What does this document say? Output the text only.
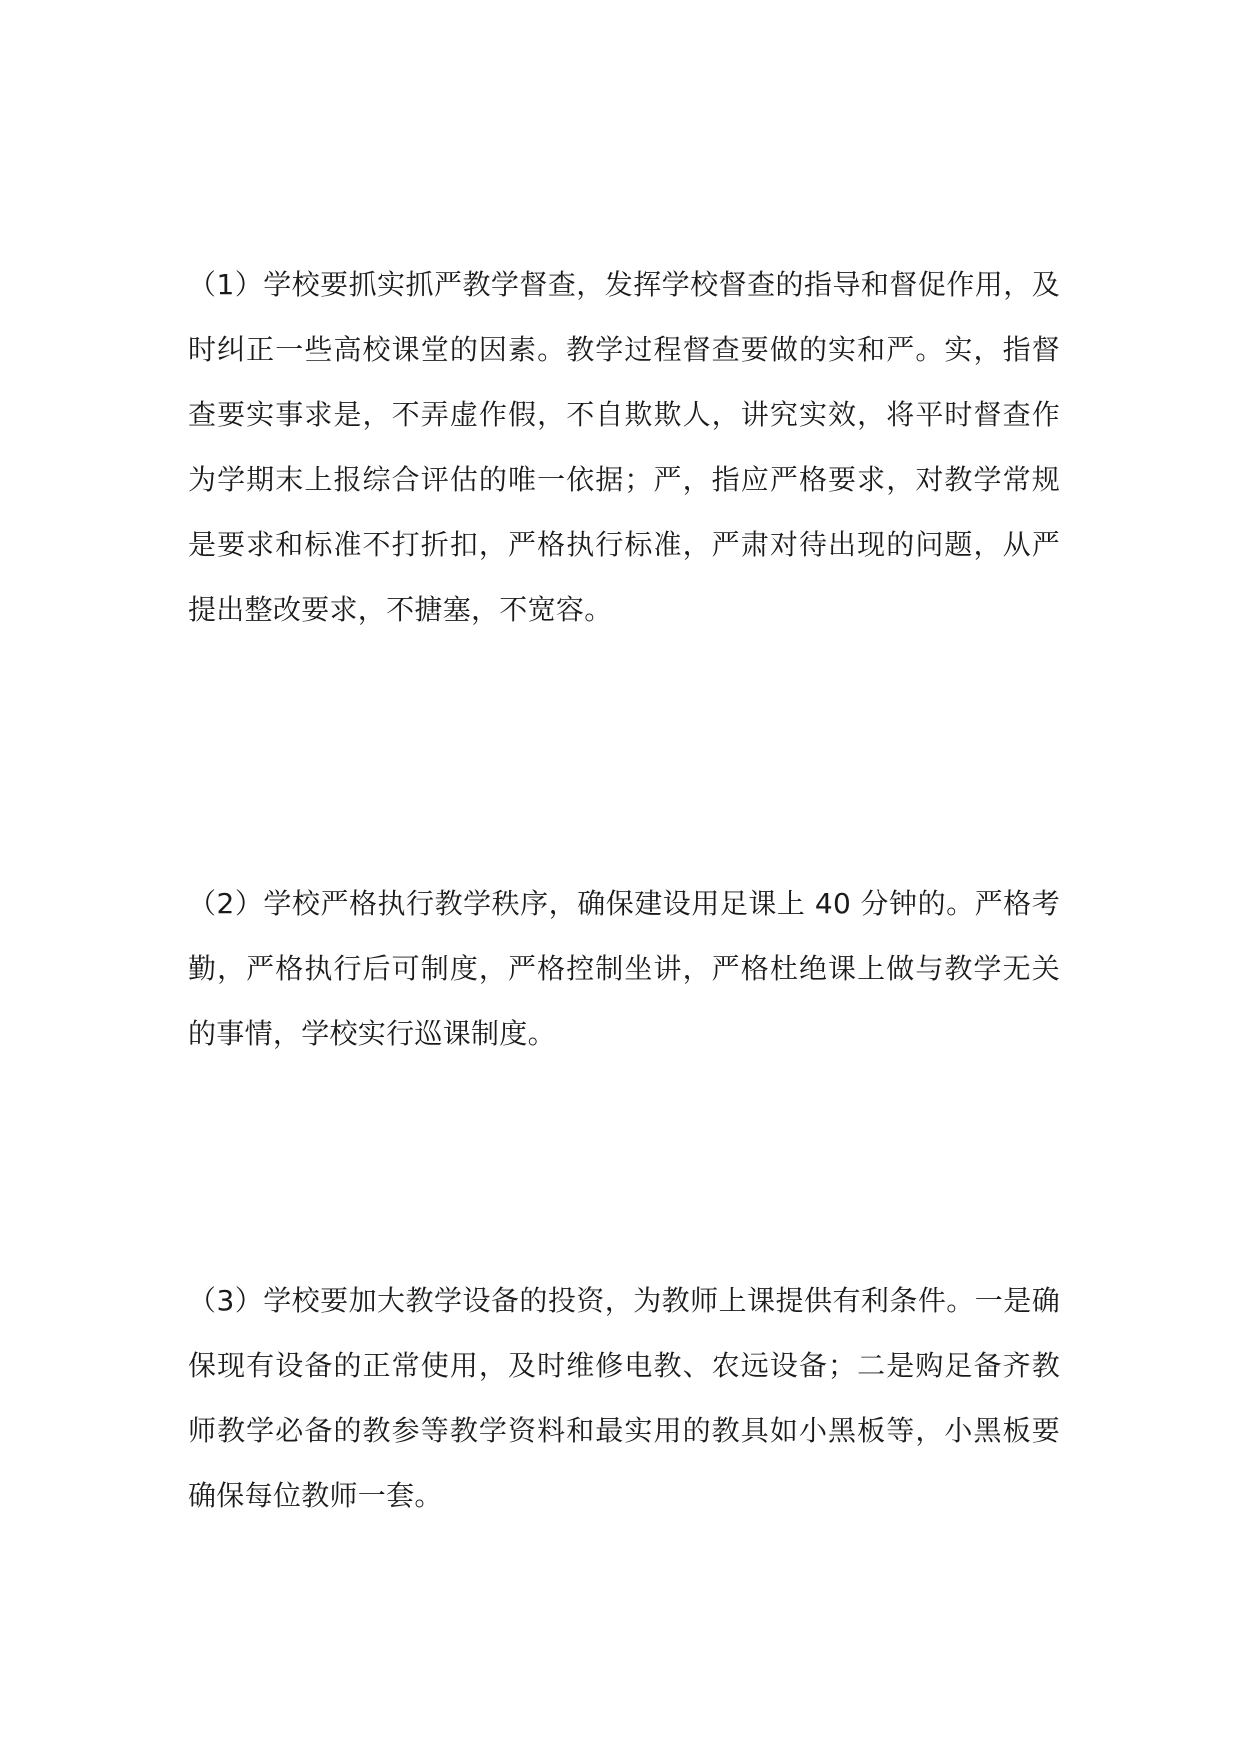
（1）学校要抓实抓严教学督查，发挥学校督查的指导和督促作用，及时纠正一些高校课堂的因素。教学过程督查要做的实和严。实，指督查要实事求是，不弄虚作假，不自欺欺人，讲究实效，将平时督查作为学期末上报综合评估的唯一依据；严，指应严格要求，对教学常规是要求和标准不打折扣，严格执行标准，严肃对待出现的问题，从严提出整改要求，不搪塞，不宽容。

（2）学校严格执行教学秩序，确保建设用足课上 40 分钟的。严格考勤，严格执行后可制度，严格控制坐讲，严格杜绝课上做与教学无关的事情，学校实行巡课制度。

（3）学校要加大教学设备的投资，为教师上课提供有利条件。一是确保现有设备的正常使用，及时维修电教、农远设备；二是购足备齐教师教学必备的教参等教学资料和最实用的教具如小黑板等，小黑板要确保每位教师一套。
